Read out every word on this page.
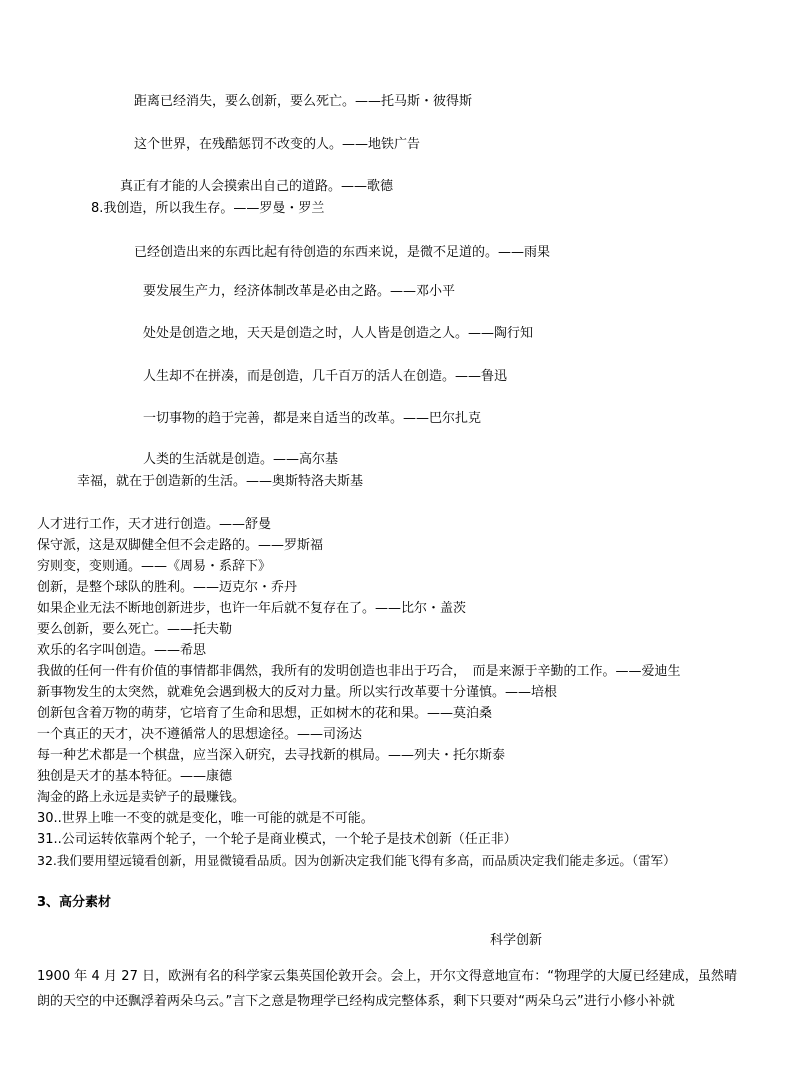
距离已经消失，要么创新，要么死亡。——托马斯・彼得斯
这个世界，在残酷惩罚不改变的人。——地铁广告
真正有才能的人会摸索出自己的道路。——歌德
8.我创造，所以我生存。——罗曼・罗兰
已经创造出来的东西比起有待创造的东西来说，是微不足道的。——雨果
要发展生产力，经济体制改革是必由之路。——邓小平
处处是创造之地，天天是创造之时，人人皆是创造之人。——陶行知
人生却不在拼凑，而是创造，几千百万的活人在创造。——鲁迅
一切事物的趋于完善，都是来自适当的改革。——巴尔扎克
人类的生活就是创造。——高尔基
幸福，就在于创造新的生活。——奥斯特洛夫斯基
人才进行工作，天才进行创造。——舒曼
保守派，这是双脚健全但不会走路的。——罗斯福
穷则变，变则通。——《周易・系辞下》
创新，是整个球队的胜利。——迈克尔・乔丹
如果企业无法不断地创新进步，也许一年后就不复存在了。——比尔・盖茨
要么创新，要么死亡。——托夫勒
欢乐的名字叫创造。——希思
我做的任何一件有价值的事情都非偶然，我所有的发明创造也非出于巧合，　而是来源于辛勤的工作。——爱迪生
新事物发生的太突然，就难免会遇到极大的反对力量。所以实行改革要十分谨慎。——培根
创新包含着万物的萌芽，它培育了生命和思想，正如树木的花和果。——莫泊桑
一个真正的天才，决不遵循常人的思想途径。——司汤达
每一种艺术都是一个棋盘，应当深入研究，去寻找新的棋局。——列夫・托尔斯泰
独创是天才的基本特征。——康德
淘金的路上永远是卖铲子的最赚钱。
30..世界上唯一不变的就是变化，唯一可能的就是不可能。
31..公司运转依靠两个轮子，一个轮子是商业模式，一个轮子是技术创新（任正非）
32.我们要用望远镜看创新，用显微镜看品质。因为创新决定我们能飞得有多高，而品质决定我们能走多远。（雷军）
3、高分素材
科学创新
1900 年 4 月 27 日，欧洲有名的科学家云集英国伦敦开会。会上，开尔文得意地宣布：“物理学的大厦已经建成，虽然晴朗的天空的中还飘浮着两朵乌云。”言下之意是物理学已经构成完整体系，剩下只要对“两朵乌云”进行小修小补就
